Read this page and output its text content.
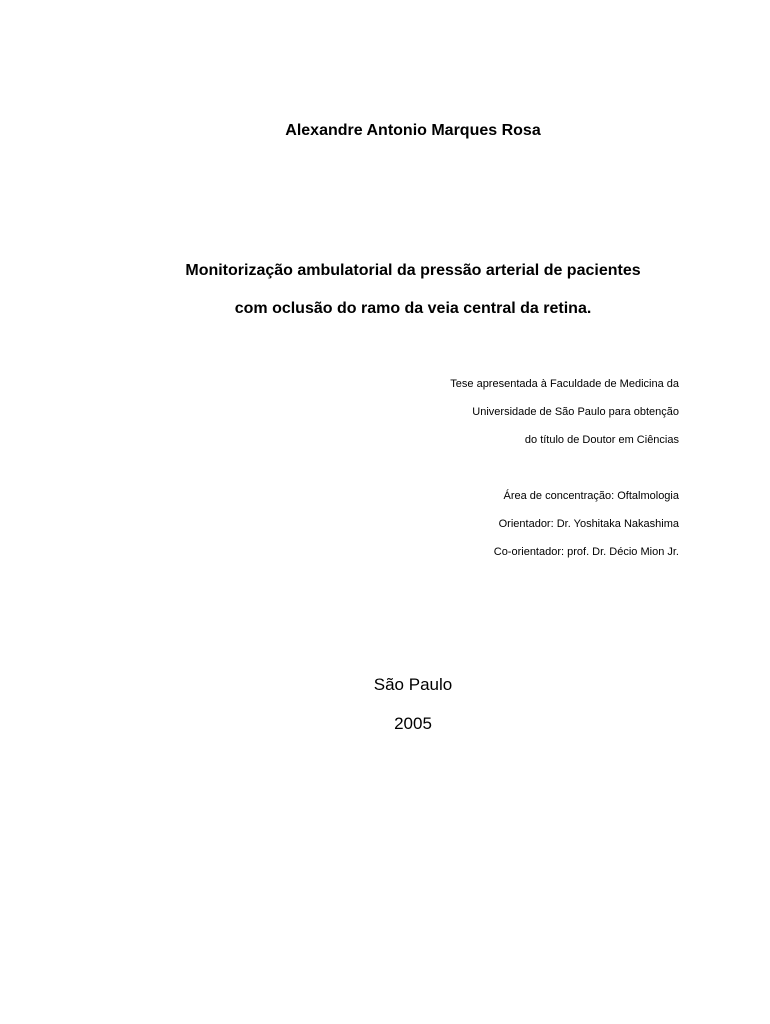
Alexandre Antonio Marques Rosa
Monitorização ambulatorial da pressão arterial de pacientes
com oclusão do ramo da veia central da retina.
Tese apresentada à Faculdade de Medicina da
Universidade de São Paulo para obtenção
do título de Doutor em Ciências
Área de concentração: Oftalmologia
Orientador: Dr. Yoshitaka Nakashima
Co-orientador: prof. Dr. Décio Mion Jr.
São Paulo
2005
